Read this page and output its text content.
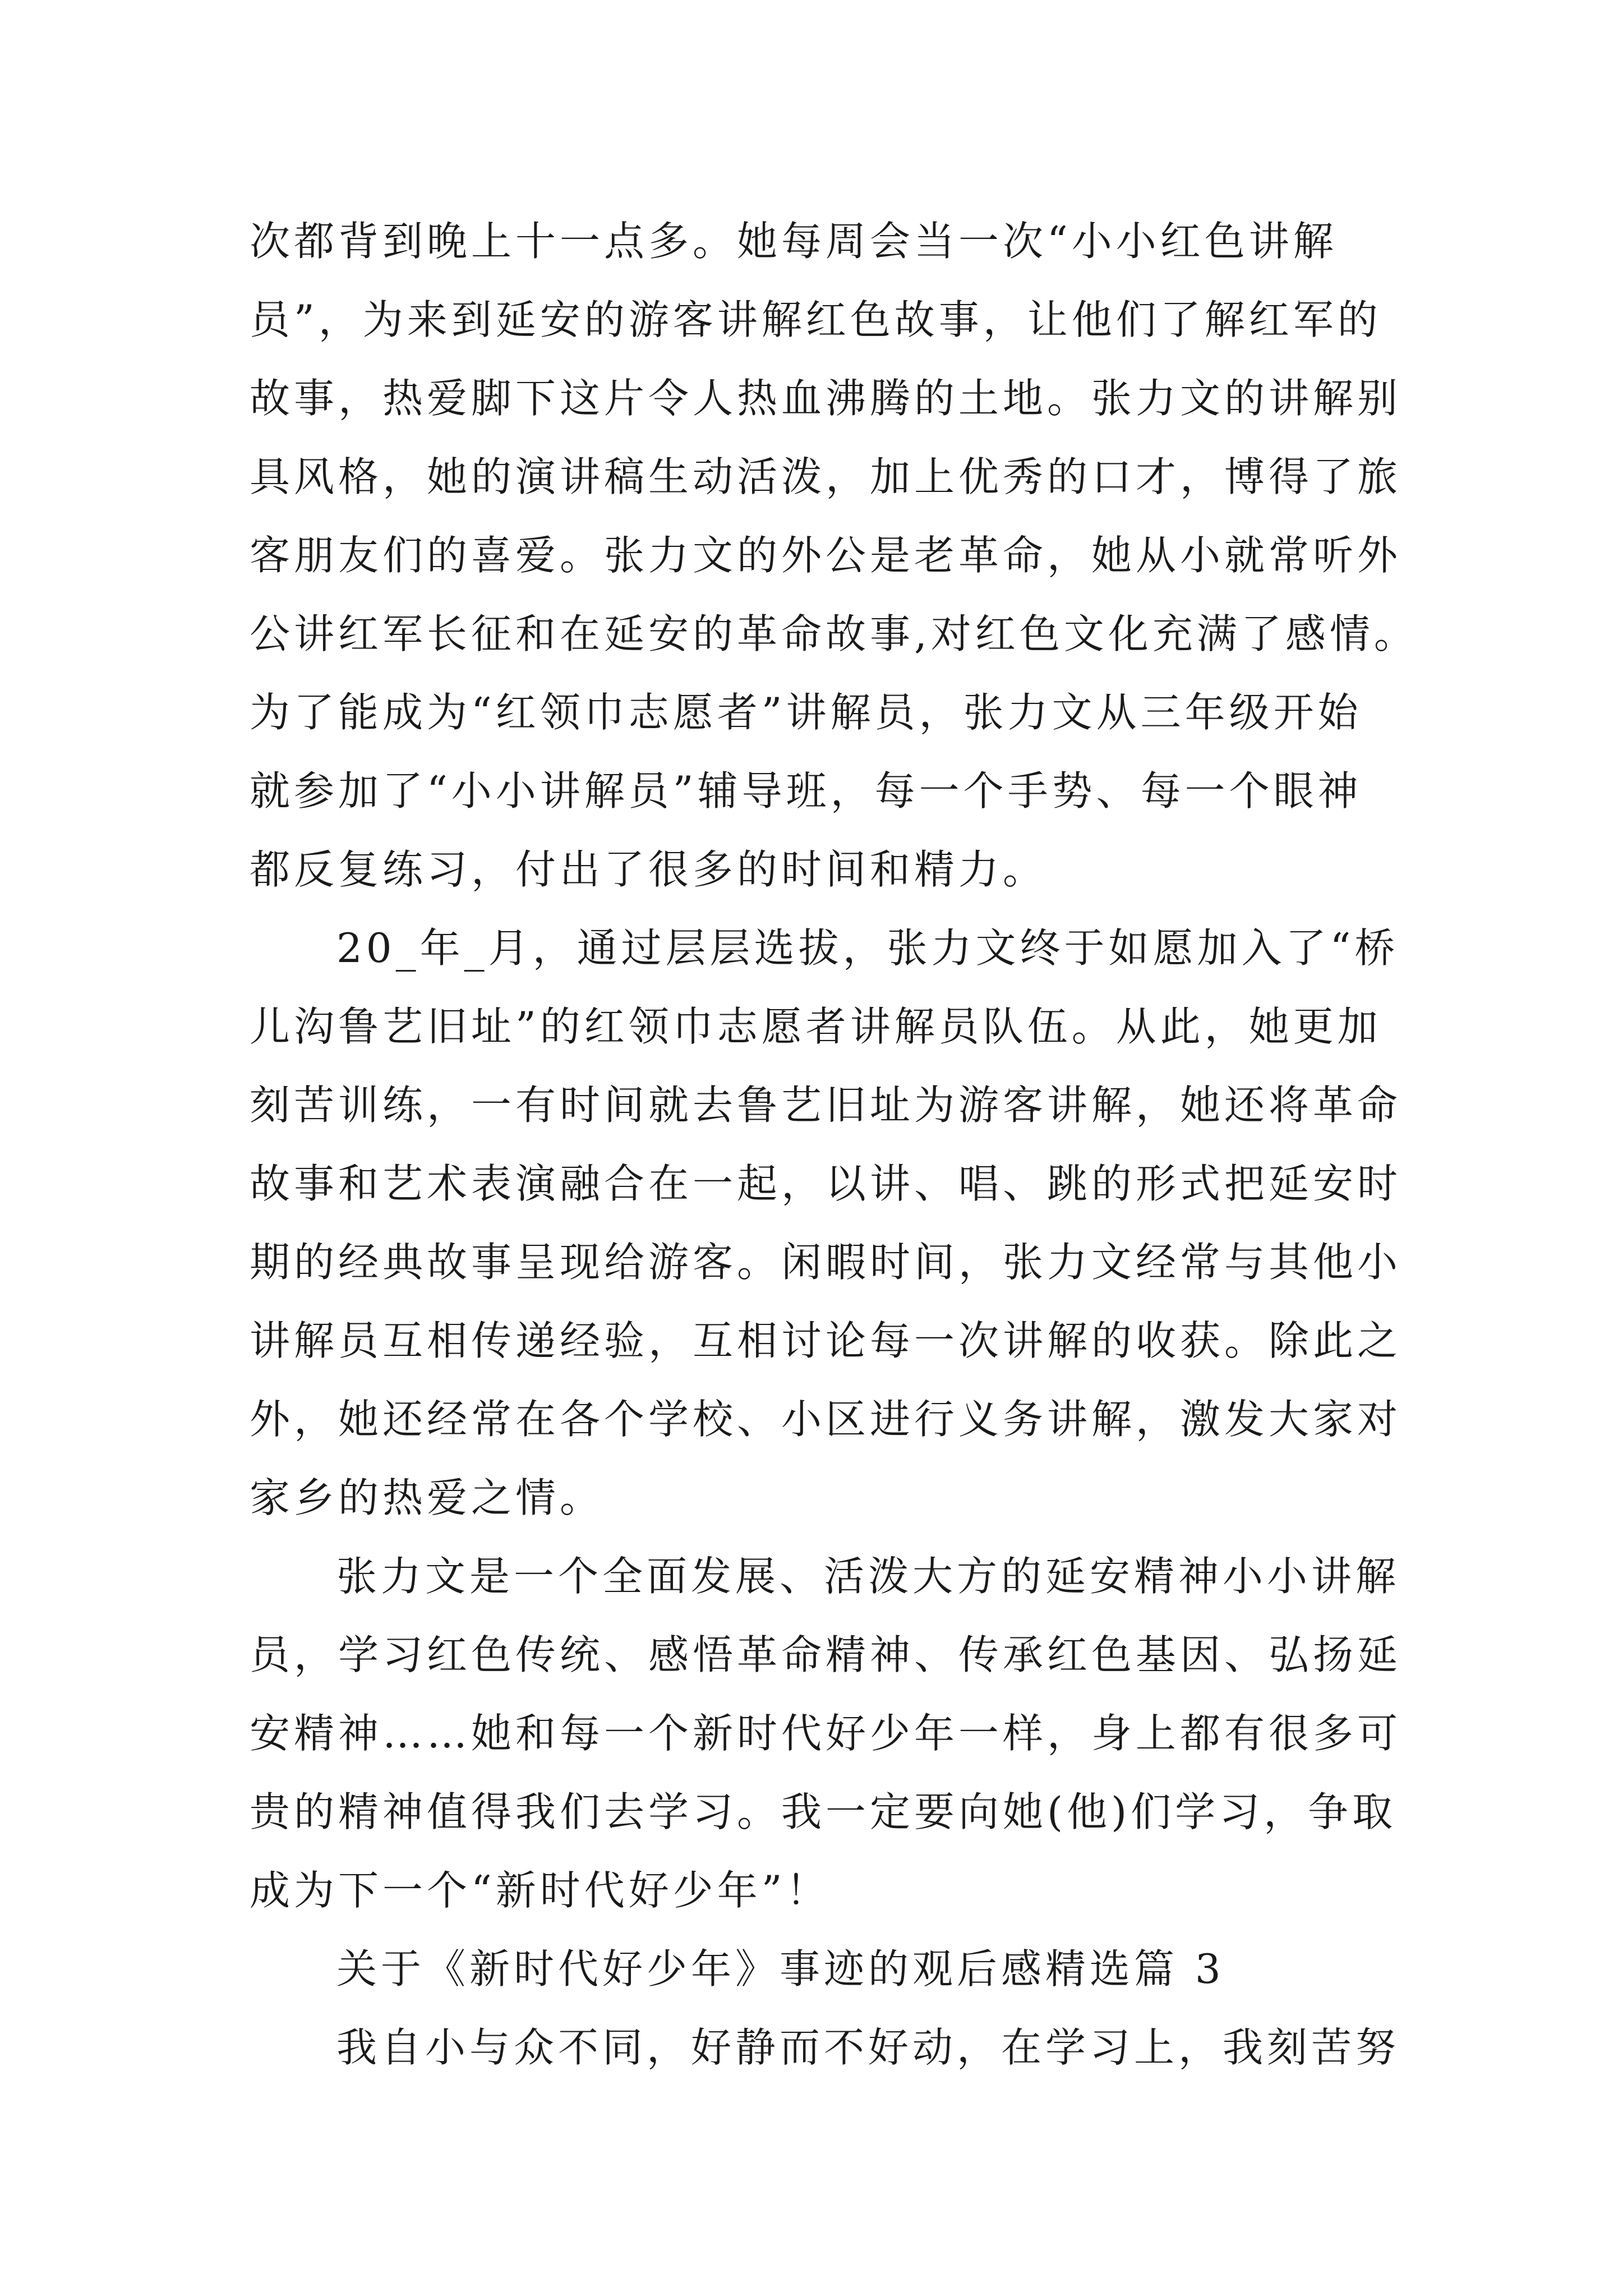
次都背到晚上十一点多。她每周会当一次“小小红色讲解
员”，为来到延安的游客讲解红色故事，让他们了解红军的
故事，热爱脚下这片令人热血沸腾的土地。张力文的讲解别
具风格，她的演讲稿生动活泼，加上优秀的口才，博得了旅
客朋友们的喜爱。张力文的外公是老革命，她从小就常听外
公讲红军长征和在延安的革命故事,对红色文化充满了感情。
为了能成为“红领巾志愿者”讲解员，张力文从三年级开始
就参加了“小小讲解员”辅导班，每一个手势、每一个眼神
都反复练习，付出了很多的时间和精力。
20_年_月，通过层层选拔，张力文终于如愿加入了“桥
儿沟鲁艺旧址”的红领巾志愿者讲解员队伍。从此，她更加
刻苦训练，一有时间就去鲁艺旧址为游客讲解，她还将革命
故事和艺术表演融合在一起，以讲、唱、跳的形式把延安时
期的经典故事呈现给游客。闲暇时间，张力文经常与其他小
讲解员互相传递经验，互相讨论每一次讲解的收获。除此之
外，她还经常在各个学校、小区进行义务讲解，激发大家对
家乡的热爱之情。
张力文是一个全面发展、活泼大方的延安精神小小讲解
员，学习红色传统、感悟革命精神、传承红色基因、弘扬延
安精神……她和每一个新时代好少年一样，身上都有很多可
贵的精神值得我们去学习。我一定要向她(他)们学习，争取
成为下一个“新时代好少年”！
关于《新时代好少年》事迹的观后感精选篇 3
我自小与众不同，好静而不好动，在学习上，我刻苦努
